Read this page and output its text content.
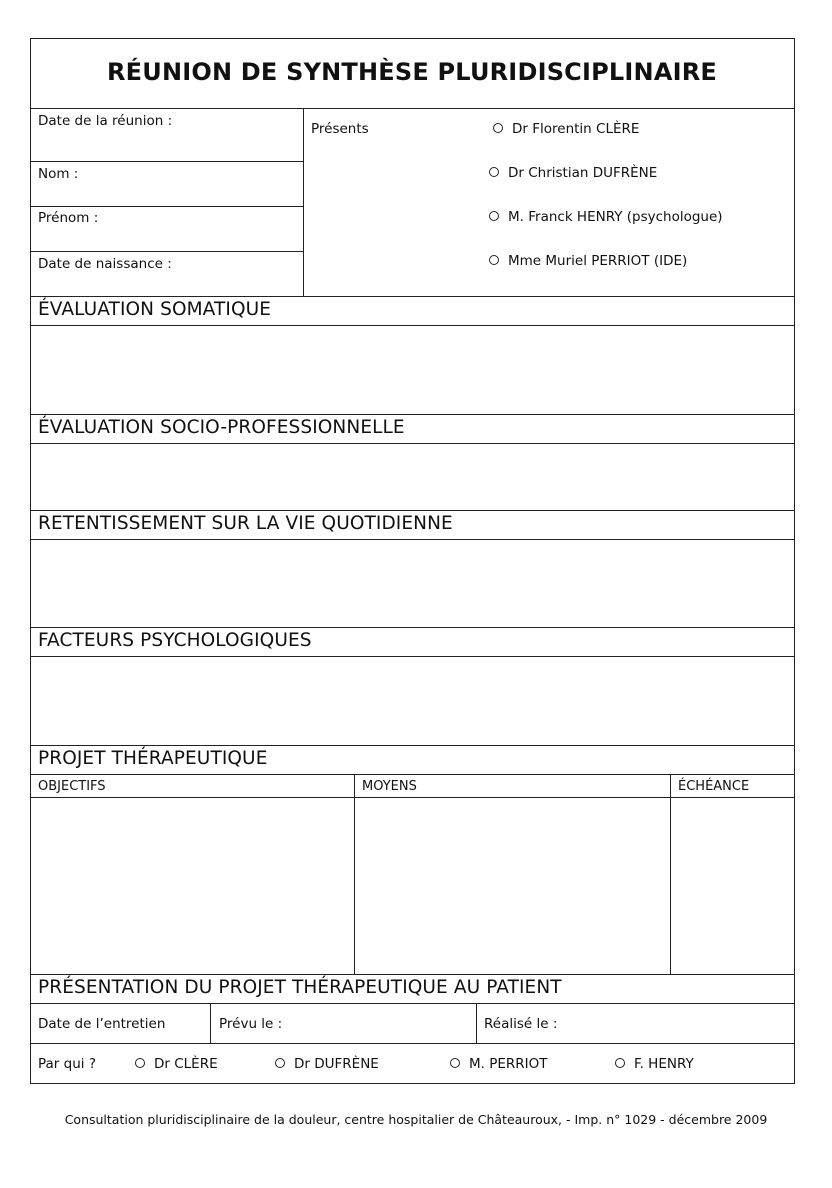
RÉUNION DE SYNTHÈSE PLURIDISCIPLINAIRE
Date de la réunion :
Nom :
Prénom :
Date de naissance :
Présents	Dr Florentin CLÈRE
Dr Christian DUFRÈNE
M. Franck HENRY (psychologue)
Mme Muriel PERRIOT (IDE)
ÉVALUATION SOMATIQUE
ÉVALUATION SOCIO-PROFESSIONNELLE
RETENTISSEMENT SUR LA VIE QUOTIDIENNE
FACTEURS PSYCHOLOGIQUES
PROJET THÉRAPEUTIQUE
OBJECTIFS	MOYENS	ÉCHÉANCE
PRÉSENTATION DU PROJET THÉRAPEUTIQUE AU PATIENT
Date de l’entretien	Prévu le :	Réalisé le :
Par qui ?	Dr CLÈRE	Dr DUFRÈNE	M. PERRIOT	F. HENRY
Consultation pluridisciplinaire de la douleur, centre hospitalier de Châteauroux, - Imp. n° 1029 - décembre 2009
